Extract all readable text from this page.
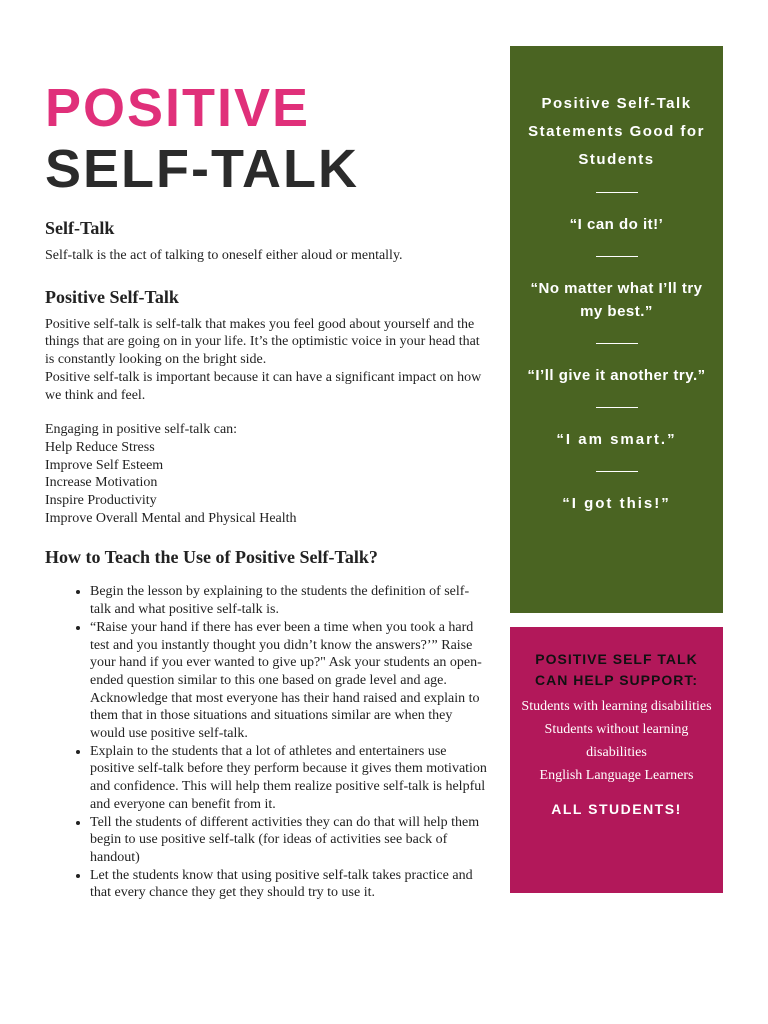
POSITIVE
SELF-TALK
Self-Talk

Self-talk is the act of talking to oneself either aloud or mentally.

Positive Self-Talk

Positive self-talk is self-talk that makes you feel good about yourself and the things that are going on in your life. It’s the optimistic voice in your head that is constantly looking on the bright side.

Positive self-talk is important because it can have a significant impact on how we think and feel.

Engaging in positive self-talk can:

Help Reduce Stress

Improve Self Esteem

Increase Motivation

Inspire Productivity

Improve Overall Mental and Physical Health

How to Teach the Use of Positive Self-Talk?
• Begin the lesson by explaining to the students the definition of self-talk and what positive self-talk is.
• “Raise your hand if there has ever been a time when you took a hard test and you instantly thought you didn’t know the answers?’” Raise your hand if you ever wanted to give up?" Ask your students an open-ended question similar to this one based on grade level and age. Acknowledge that most everyone has their hand raised and explain to them that in those situations and situations similar are when they would use positive self-talk.
• Explain to the students that a lot of athletes and entertainers use positive self-talk before they perform because it gives them motivation and confidence. This will help them realize positive self-talk is helpful and everyone can benefit from it.
• Tell the students of different activities they can do that will help them begin to use positive self-talk (for ideas of activities see back of handout)
• Let the students know that using positive self-talk takes practice and that every chance they get they should try to use it.
Positive Self-Talk Statements Good for Students
“I can do it!’
“No matter what I’ll try my best.”
“I’ll give it another try.”
“I am smart.”
“I got this!”
POSITIVE SELF TALK CAN HELP SUPPORT:
Students with learning disabilities
Students without learning disabilities
English Language Learners
ALL STUDENTS!
